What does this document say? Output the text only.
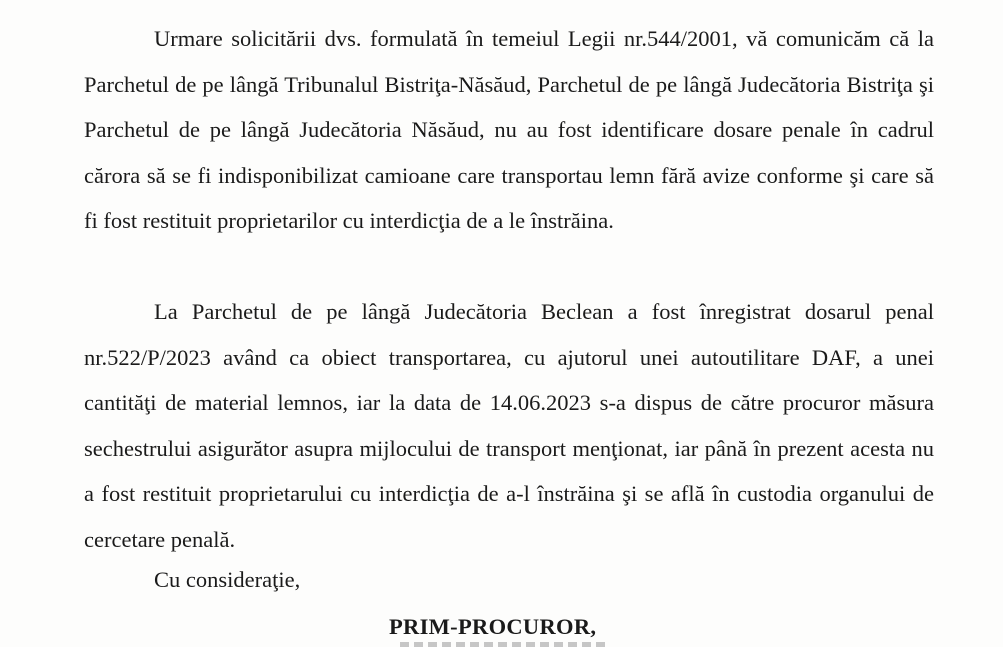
Urmare solicitării dvs. formulată în temeiul Legii nr.544/2001, vă comunicăm că la Parchetul de pe lângă Tribunalul Bistriţa-Năsăud, Parchetul de pe lângă Judecătoria Bistriţa şi Parchetul de pe lângă Judecătoria Năsăud, nu au fost identificare dosare penale în cadrul cărora să se fi indisponibilizat camioane care transportau lemn fără avize conforme şi care să fi fost restituit proprietarilor cu interdicţia de a le înstrăina.

La Parchetul de pe lângă Judecătoria Beclean a fost înregistrat dosarul penal nr.522/P/2023 având ca obiect transportarea, cu ajutorul unei autoutilitare DAF, a unei cantităţi de material lemnos, iar la data de 14.06.2023 s-a dispus de către procuror măsura sechestrului asigurător asupra mijlocului de transport menţionat, iar până în prezent acesta nu a fost restituit proprietarului cu interdicţia de a-l înstrăina şi se află în custodia organului de cercetare penală.

Cu consideraţie,

PRIM-PROCUROR,
